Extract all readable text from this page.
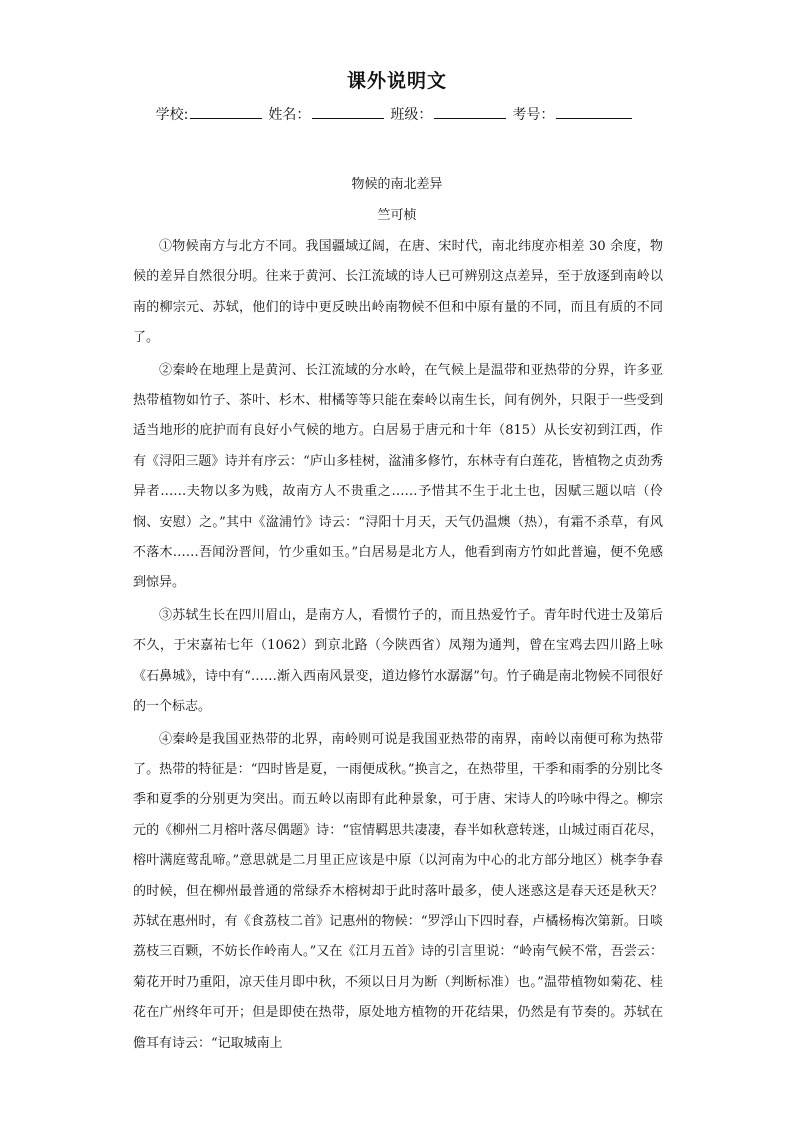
课外说明文
学校:	姓名：	班级：	考号：
物候的南北差异
竺可桢

①物候南方与北方不同。我国疆域辽阔，在唐、宋时代，南北纬度亦相差 30 余度，物候的差异自然很分明。往来于黄河、长江流域的诗人已可辨别这点差异，至于放逐到南岭以南的柳宗元、苏轼，他们的诗中更反映出岭南物候不但和中原有量的不同，而且有质的不同了。

②秦岭在地理上是黄河、长江流域的分水岭，在气候上是温带和亚热带的分界，许多亚热带植物如竹子、茶叶、杉木、柑橘等等只能在秦岭以南生长，间有例外，只限于一些受到适当地形的庇护而有良好小气候的地方。白居易于唐元和十年（815）从长安初到江西，作有《浔阳三题》诗并有序云：“庐山多桂树，湓浦多修竹，东林寺有白莲花，皆植物之贞劲秀异者……夫物以多为贱，故南方人不贵重之……予惜其不生于北土也，因赋三题以唁（伶悯、安慰）之。”其中《湓浦竹》诗云：“浔阳十月天，天气仍温燠（热），有霜不杀草，有风不落木……吾闻汾晋间，竹少重如玉。”白居易是北方人，他看到南方竹如此普遍，便不免感到惊异。

③苏轼生长在四川眉山，是南方人，看惯竹子的，而且热爱竹子。青年时代进士及第后不久，于宋嘉祐七年（1062）到京北路（今陕西省）凤翔为通判，曾在宝鸡去四川路上咏《石鼻城》，诗中有“……渐入西南风景变，道边修竹水潺潺”句。竹子确是南北物候不同很好的一个标志。

④秦岭是我国亚热带的北界，南岭则可说是我国亚热带的南界，南岭以南便可称为热带了。热带的特征是：“四时皆是夏，一雨便成秋。”换言之，在热带里，干季和雨季的分别比冬季和夏季的分别更为突出。而五岭以南即有此种景象，可于唐、宋诗人的吟咏中得之。柳宗元的《柳州二月榕叶落尽偶题》诗：“宦情羁思共凄凄，春半如秋意转迷，山城过雨百花尽，榕叶满庭莺乱啼。”意思就是二月里正应该是中原（以河南为中心的北方部分地区）桃李争春的时候，但在柳州最普通的常绿乔木榕树却于此时落叶最多，使人迷惑这是春天还是秋天？苏轼在惠州时，有《食荔枝二首》记惠州的物候：“罗浮山下四时春，卢橘杨梅次第新。日啖荔枝三百颗，不妨长作岭南人。”又在《江月五首》诗的引言里说：“岭南气候不常，吾尝云：菊花开时乃重阳，凉天佳月即中秋，不须以日月为断（判断标准）也。”温带植物如菊花、桂花在广州终年可开；但是即使在热带，原处地方植物的开花结果，仍然是有节奏的。苏轼在儋耳有诗云：“记取城南上
